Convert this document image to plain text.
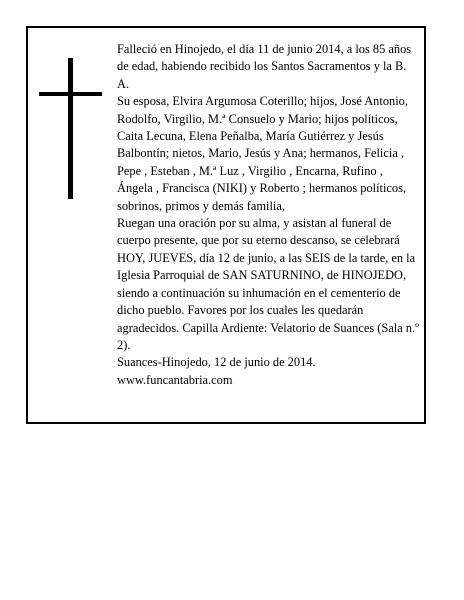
Falleció en Hinojedo, el día 11 de junio 2014, a los 85 años de edad, habiendo recibido los Santos Sacramentos y la B. A.

Su esposa, Elvira Argumosa Coterillo; hijos, José Antonio, Rodolfo, Virgilio, M.ª Consuelo y Mario; hijos políticos, Caita Lecuna, Elena Peñalba, María Gutiérrez y Jesús Balbontín; nietos, Mario, Jesús y Ana; hermanos, Felicia , Pepe , Esteban , M.ª Luz , Virgilio , Encarna, Rufino , Ángela , Francisca (NIKI) y Roberto ; hermanos políticos, sobrinos, primos y demás familia,

Ruegan una oración por su alma, y asistan al funeral de cuerpo presente, que por su eterno descanso, se celebrará HOY, JUEVES, día 12 de junio, a las SEIS de la tarde, en la Iglesia Parroquial de SAN SATURNINO, de HINOJEDO, siendo a continuación su inhumación en el cementerio de dicho pueblo. Favores por los cuales les quedarán agradecidos. Capilla Ardiente: Velatorio de Suances (Sala n.º 2).

Suances-Hinojedo, 12 de junio de 2014.

www.funcantabria.com
